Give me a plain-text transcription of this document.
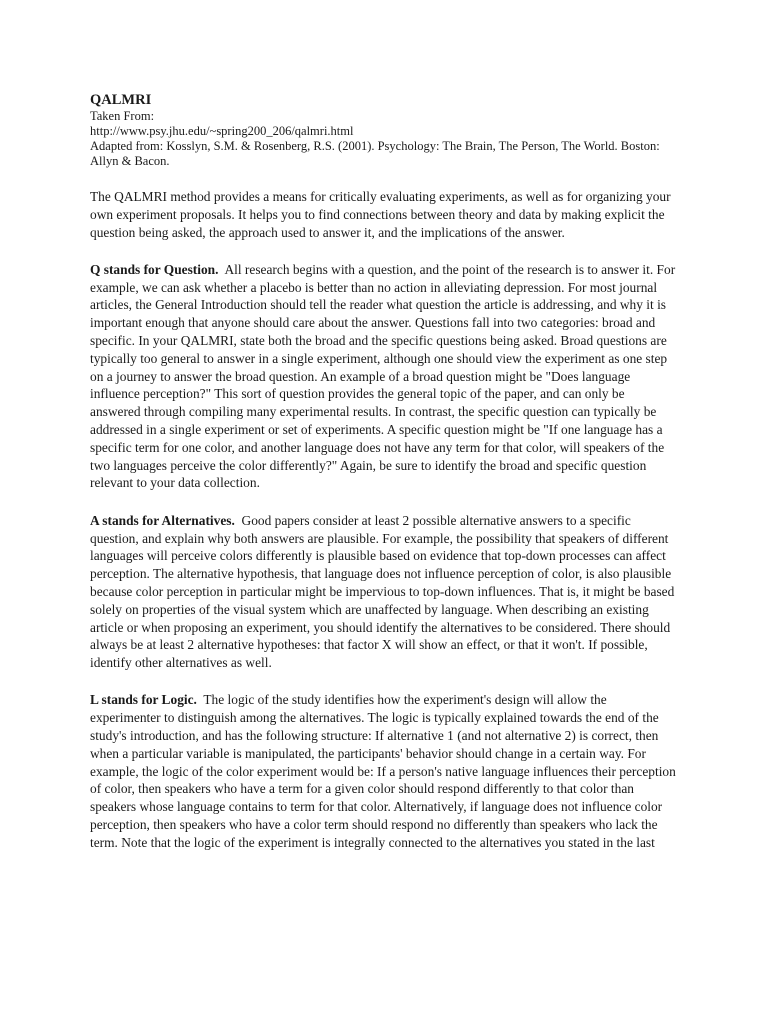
QALMRI

Taken From:

http://www.psy.jhu.edu/~spring200_206/qalmri.html

Adapted from: Kosslyn, S.M. & Rosenberg, R.S. (2001). Psychology: The Brain, The Person, The World. Boston: Allyn & Bacon.

The QALMRI method provides a means for critically evaluating experiments, as well as for organizing your own experiment proposals. It helps you to find connections between theory and data by making explicit the question being asked, the approach used to answer it, and the implications of the answer.

Q stands for Question. All research begins with a question, and the point of the research is to answer it. For example, we can ask whether a placebo is better than no action in alleviating depression. For most journal articles, the General Introduction should tell the reader what question the article is addressing, and why it is important enough that anyone should care about the answer. Questions fall into two categories: broad and specific. In your QALMRI, state both the broad and the specific questions being asked. Broad questions are typically too general to answer in a single experiment, although one should view the experiment as one step on a journey to answer the broad question. An example of a broad question might be "Does language influence perception?" This sort of question provides the general topic of the paper, and can only be answered through compiling many experimental results. In contrast, the specific question can typically be addressed in a single experiment or set of experiments. A specific question might be "If one language has a specific term for one color, and another language does not have any term for that color, will speakers of the two languages perceive the color differently?" Again, be sure to identify the broad and specific question relevant to your data collection.

A stands for Alternatives. Good papers consider at least 2 possible alternative answers to a specific question, and explain why both answers are plausible. For example, the possibility that speakers of different languages will perceive colors differently is plausible based on evidence that top-down processes can affect perception. The alternative hypothesis, that language does not influence perception of color, is also plausible because color perception in particular might be impervious to top-down influences. That is, it might be based solely on properties of the visual system which are unaffected by language. When describing an existing article or when proposing an experiment, you should identify the alternatives to be considered. There should always be at least 2 alternative hypotheses: that factor X will show an effect, or that it won't. If possible, identify other alternatives as well.

L stands for Logic. The logic of the study identifies how the experiment's design will allow the experimenter to distinguish among the alternatives. The logic is typically explained towards the end of the study's introduction, and has the following structure: If alternative 1 (and not alternative 2) is correct, then when a particular variable is manipulated, the participants' behavior should change in a certain way. For example, the logic of the color experiment would be: If a person's native language influences their perception of color, then speakers who have a term for a given color should respond differently to that color than speakers whose language contains to term for that color. Alternatively, if language does not influence color perception, then speakers who have a color term should respond no differently than speakers who lack the term. Note that the logic of the experiment is integrally connected to the alternatives you stated in the last
